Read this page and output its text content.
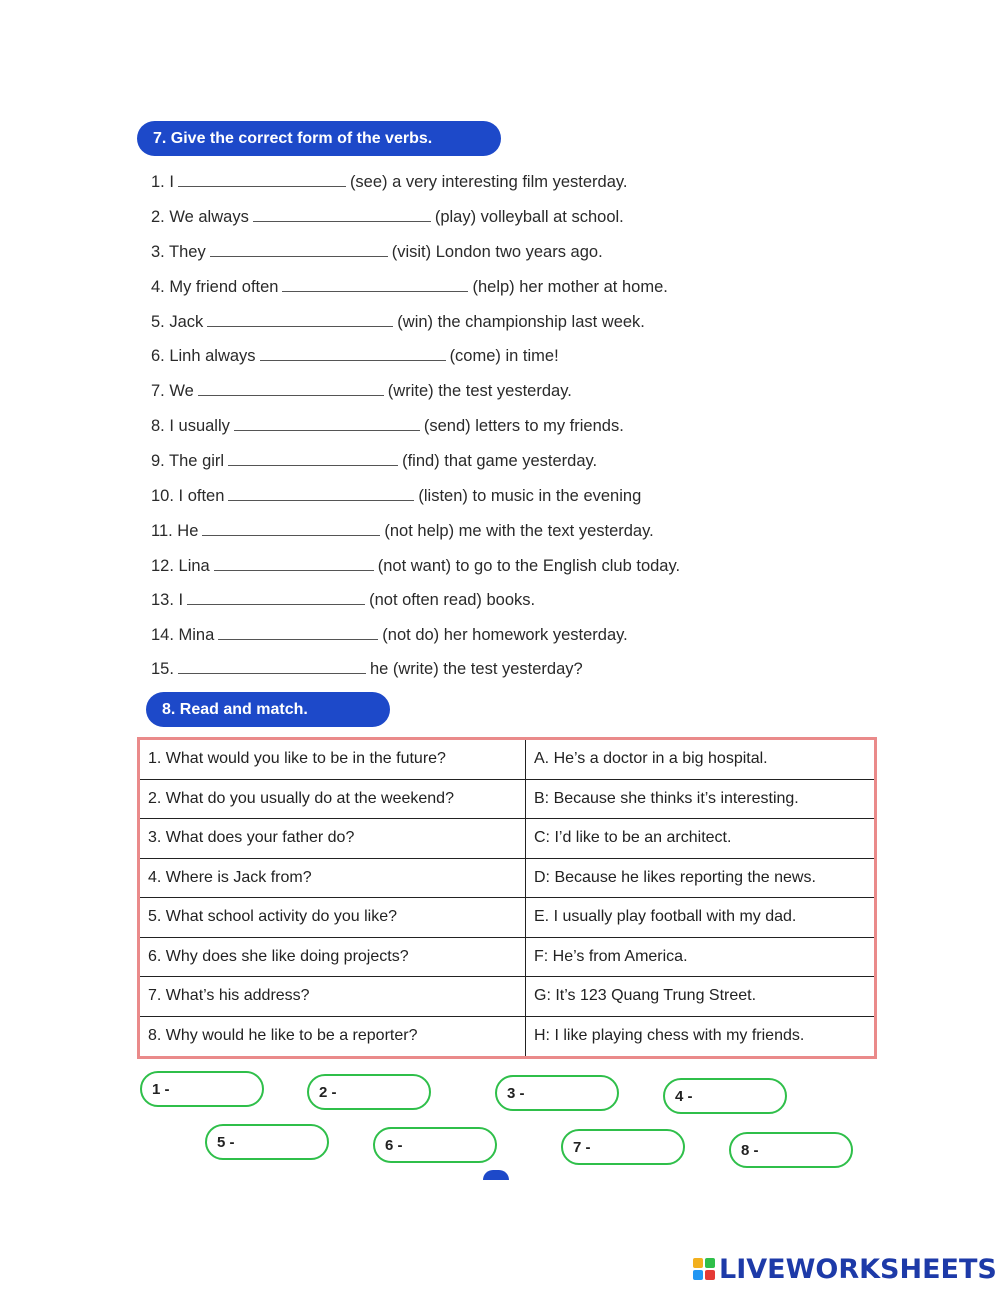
7. Give the correct form of the verbs.
1. I	(see) a very interesting film yesterday.
2. We always	(play) volleyball at school.
3. They	(visit) London two years ago.
4. My friend often	(help) her mother at home.
5. Jack	(win) the championship last week.
6. Linh always	(come) in time!
7. We	(write) the test yesterday.
8. I usually	(send) letters to my friends.
9. The girl	(find) that game yesterday.
10. I often	(listen) to music in the evening
11. He	(not help) me with the text yesterday.
12. Lina	(not want) to go to the English club today.
13. I	(not often read) books.
14. Mina	(not do) her homework yesterday.
15.	he (write) the test yesterday?
8. Read and match.
1. What would you like to be in the future?	A. He’s a doctor in a big hospital.
2. What do you usually do at the weekend?	B: Because she thinks it’s interesting.
3. What does your father do?	C: I’d like to be an architect.
4. Where is Jack from?	D: Because he likes reporting the news.
5. What school activity do you like?	E. I usually play football with my dad.
6. Why does she like doing projects?	F: He’s from America.
7. What’s his address?	G: It’s 123 Quang Trung Street.
8. Why would he like to be a reporter?	H: I like playing chess with my friends.
1 -	2 -	3 -	4 -
5 -	6 -	7 -	8 -
LIVEWORKSHEETS
